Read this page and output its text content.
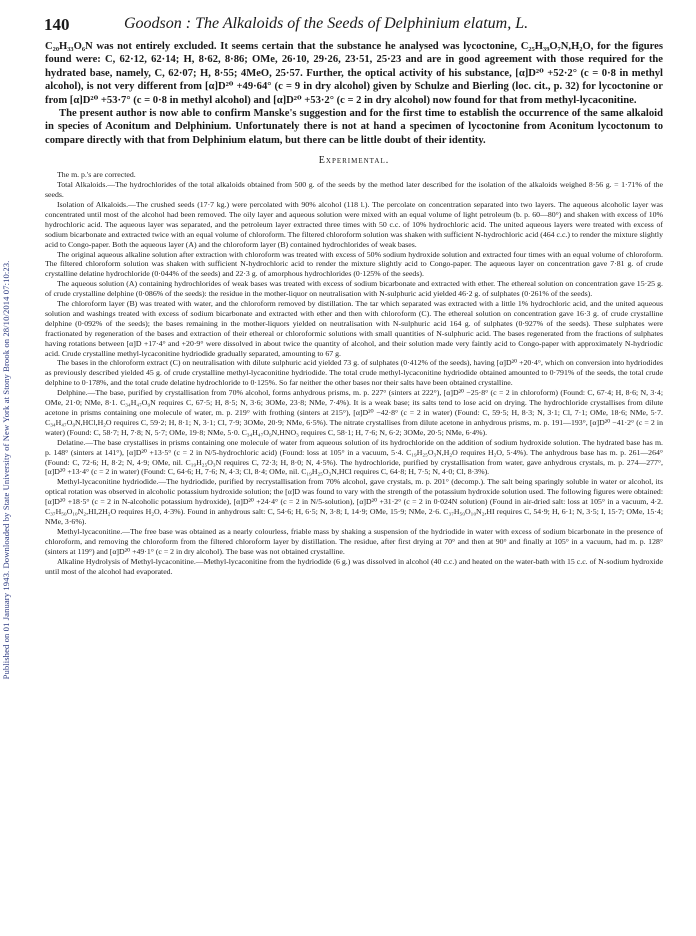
Published on 01 January 1943. Downloaded by State University of New York at Stony Brook on 28/10/2014 07:10:23.
140	Goodson : The Alkaloids of the Seeds of Delphinium elatum, L.

C₂₀H₃₃O₆N was not entirely excluded. It seems certain that the substance he analysed was lycoctonine, C₂₅H₃₉O₇N,H₂O, for the figures found were: C, 62·12, 62·14; H, 8·62, 8·86; OMe, 26·10, 29·26, 23·51, 25·23 and are in good agreement with those required for the hydrated base, namely, C, 62·07; H, 8·55; 4MeO, 25·57. Further, the optical activity of his substance, [α]D²⁰ +52·2° (c = 0·8 in methyl alcohol), is not very different from [α]D²⁰ +49·64° (c = 9 in dry alcohol) given by Schulze and Bierling (loc. cit., p. 32) for lycoctonine or from [α]D²⁰ +53·7° (c = 0·8 in methyl alcohol) and [α]D²⁰ +53·2° (c = 2 in dry alcohol) now found for that from methyl-lycaconitine.

The present author is now able to confirm Manske's suggestion and for the first time to establish the occurrence of the same alkaloid in species of Aconitum and Delphinium. Unfortunately there is not at hand a specimen of lycoctonine from Aconitum lycoctonum to compare directly with that from Delphinium elatum, but there can be little doubt of their identity.

Experimental.

The m. p.'s are corrected.

Total Alkaloids.—The hydrochlorides of the total alkaloids obtained from 500 g. of the seeds by the method later described for the isolation of the alkaloids weighed 8·56 g. = 1·71% of the seeds.

Isolation of Alkaloids.—The crushed seeds (17·7 kg.) were percolated with 90% alcohol (118 l.). The percolate on concentration separated into two layers. The aqueous alcoholic layer was concentrated until most of the alcohol had been removed. The oily layer and aqueous solution were mixed with an equal volume of light petroleum (b. p. 60—80°) and shaken with excess of 10% hydrochloric acid. The aqueous layer was separated, and the petroleum layer extracted three times with 50 c.c. of 10% hydrochloric acid. The united aqueous layers were treated with excess of sodium bicarbonate and extracted twice with an equal volume of chloroform. The filtered chloroform solution was shaken with sufficient N-hydrochloric acid (464 c.c.) to render the mixture slightly acid to Congo-paper. Both the aqueous layer (A) and the chloroform layer (B) contained hydrochlorides of weak bases.

The original aqueous alkaline solution after extraction with chloroform was treated with excess of 50% sodium hydroxide solution and extracted four times with an equal volume of chloroform. The filtered chloroform solution was shaken with sufficient N-hydrochloric acid to render the mixture slightly acid to Congo-paper. The aqueous layer on concentration gave 7·81 g. of crude crystalline delatine hydrochloride (0·044% of the seeds) and 22·3 g. of amorphous hydrochlorides (0·125% of the seeds).

The aqueous solution (A) containing hydrochlorides of weak bases was treated with excess of sodium bicarbonate and extracted with ether. The ethereal solution on concentration gave 15·25 g. of crude crystalline delphine (0·086% of the seeds): the residue in the mother-liquor on neutralisation with N-sulphuric acid yielded 46·2 g. of sulphates (0·261% of the seeds).

The chloroform layer (B) was treated with water, and the chloroform removed by distillation. The tar which separated was extracted with a little 1% hydrochloric acid, and the united aqueous solution and washings treated with excess of sodium bicarbonate and extracted with ether and then with chloroform (C). The ethereal solution on concentration gave 16·3 g. of crude crystalline delphine (0·092% of the seeds); the bases remaining in the mother-liquors yielded on neutralisation with N-sulphuric acid 164 g. of sulphates (0·927% of the seeds). These sulphates were fractionated by regeneration of the bases and extraction of their ethereal or chloroformic solutions with small quantities of N-sulphuric acid. The bases regenerated from the fractions of sulphates having rotations between [α]D +17·4° and +20·9° were dissolved in about twice the quantity of alcohol, and their solution made very faintly acid to Congo-paper with approximately N-hydriodic acid. Crude crystalline methyl-lycaconitine hydriodide gradually separated, amounting to 67 g.

The bases in the chloroform extract (C) on neutralisation with dilute sulphuric acid yielded 73 g. of sulphates (0·412% of the seeds), having [α]D²⁰ +20·4°, which on conversion into hydriodides as previously described yielded 45 g. of crude crystalline methyl-lycaconitine hydriodide. The total crude methyl-lycaconitine hydriodide obtained amounted to 0·791% of the seeds, the total crude delphine to 0·178%, and the total crude delatine hydrochloride to 0·125%. So far neither the other bases nor their salts have been obtained crystalline.

Delphine.—The base, purified by crystallisation from 70% alcohol, forms anhydrous prisms, m. p. 227° (sinters at 222°), [α]D²⁰ −25·8° (c = 2 in chloroform) (Found: C, 67·4; H, 8·6; N, 3·4; OMe, 21·0; NMe, 8·1. C₃₄H₄₇O₉N requires C, 67·5; H, 8·5; N, 3·6; 3OMe, 23·8; NMe, 7·4%). It is a weak base; its salts tend to lose acid on drying. The hydrochloride crystallises from dilute acetone in prisms containing one molecule of water, m. p. 219° with frothing (sinters at 215°), [α]D²⁰ −42·8° (c = 2 in water) (Found: C, 59·5; H, 8·3; N, 3·1; Cl, 7·1; OMe, 18·6; NMe, 5·7. C₃₄H₄₇O₉N,HCl,H₂O requires C, 59·2; H, 8·1; N, 3·1; Cl, 7·9; 3OMe, 20·9; NMe, 6·5%). The nitrate crystallises from dilute acetone in anhydrous prisms, m. p. 191—193°, [α]D²⁰ −41·2° (c = 2 in water) (Found: C, 58·7; H, 7·8; N, 5·7; OMe, 19·8; NMe, 5·0. C₃₄H₄₇O₉N,HNO₃ requires C, 58·1; H, 7·6; N, 6·2; 3OMe, 20·5; NMe, 6·4%).

Delatine.—The base crystallises in prisms containing one molecule of water from aqueous solution of its hydrochloride on the addition of sodium hydroxide solution. The hydrated base has m. p. 148° (sinters at 141°), [α]D²⁰ +13·5° (c = 2 in N/5-hydrochloric acid) (Found: loss at 105° in a vacuum, 5·4. C₁₉H₂₅O₃N,H₂O requires H₂O, 5·4%). The anhydrous base has m. p. 261—264° (Found: C, 72·6; H, 8·2; N, 4·9; OMe, nil. C₁₉H₂₅O₃N requires C, 72·3; H, 8·0; N, 4·5%). The hydrochloride, purified by crystallisation from water, gave anhydrous crystals, m. p. 274—277°, [α]D²⁰ +13·4° (c = 2 in water) (Found: C, 64·6; H, 7·6; N, 4·3; Cl, 8·4; OMe, nil. C₁₉H₂₅O₃N,HCl requires C, 64·8; H, 7·5; N, 4·0; Cl, 8·3%).

Methyl-lycaconitine hydriodide.—The hydriodide, purified by recrystallisation from 70% alcohol, gave crystals, m. p. 201° (decomp.). The salt being sparingly soluble in water or alcohol, its optical rotation was observed in alcoholic potassium hydroxide solution; the [α]D was found to vary with the strength of the potassium hydroxide solution used. The following figures were obtained: [α]D²⁰ +18·5° (c = 2 in N-alcoholic potassium hydroxide), [α]D²⁰ +24·4° (c = 2 in N/5-solution), [α]D²⁰ +31·2° (c = 2 in 0·024N solution) (Found in air-dried salt: loss at 105° in a vacuum, 4·2. C₃₇H₅₀O₁₀N₂,HI,2H₂O requires H₂O, 4·3%). Found in anhydrous salt: C, 54·6; H, 6·5; N, 3·8; I, 14·9; OMe, 15·9; NMe, 2·6. C₃₇H₅₀O₁₀N₂,HI requires C, 54·9; H, 6·1; N, 3·5; I, 15·7; OMe, 15·4; NMe, 3·6%).

Methyl-lycaconitine.—The free base was obtained as a nearly colourless, friable mass by shaking a suspension of the hydriodide in water with excess of sodium bicarbonate in the presence of chloroform, and removing the chloroform from the filtered chloroform layer by distillation. The residue, after first drying at 70° and then at 90° and finally at 105° in a vacuum, had m. p. 128° (sinters at 119°) and [α]D²⁰ +49·1° (c = 2 in dry alcohol). The base was not obtained crystalline.

Alkaline Hydrolysis of Methyl-lycaconitine.—Methyl-lycaconitine from the hydriodide (6 g.) was dissolved in alcohol (40 c.c.) and heated on the water-bath with 15 c.c. of N-sodium hydroxide until most of the alcohol had evaporated.
